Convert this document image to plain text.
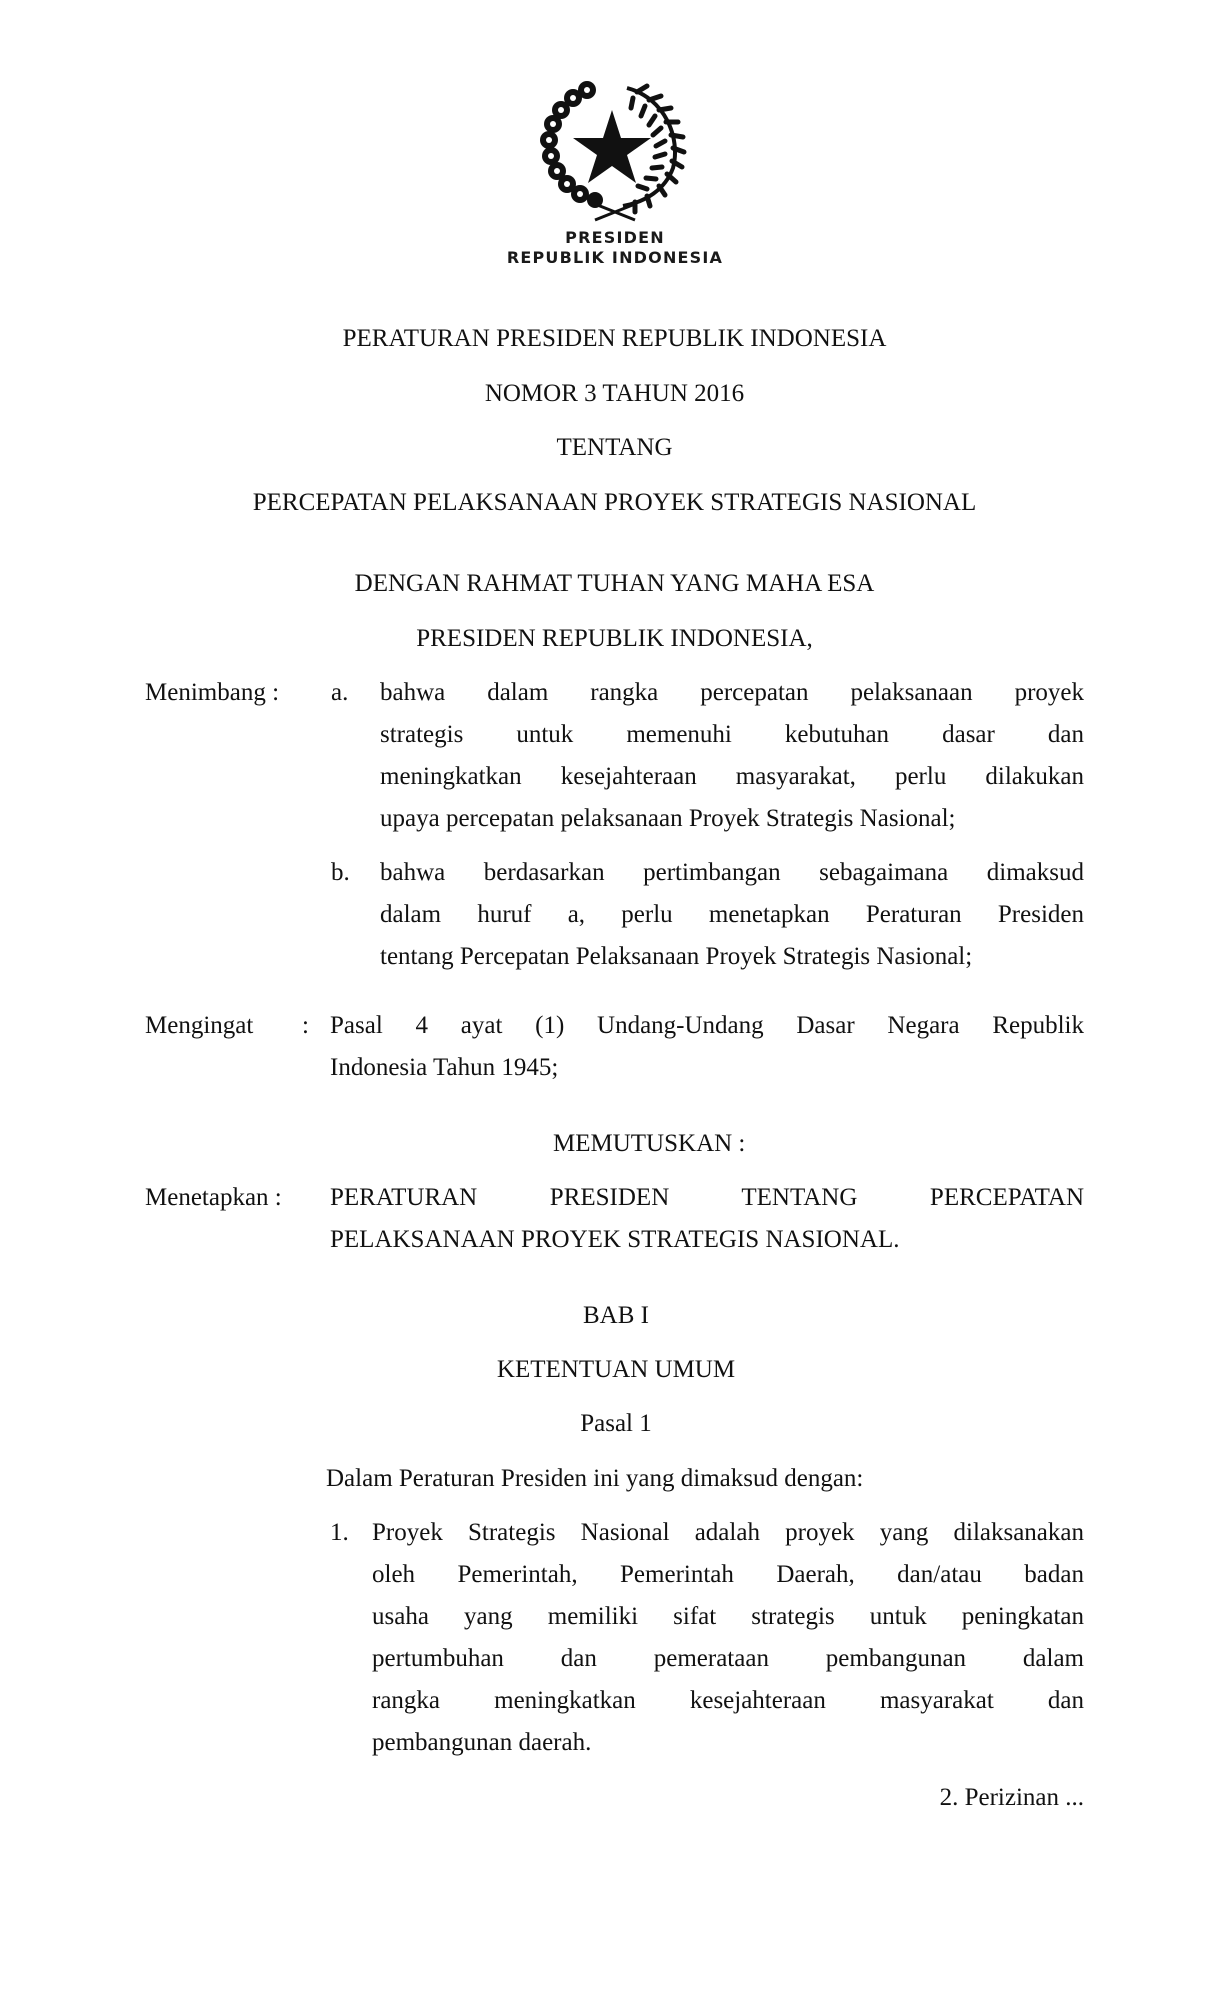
PRESIDEN
REPUBLIK INDONESIA
PERATURAN PRESIDEN REPUBLIK INDONESIA
NOMOR 3 TAHUN 2016
TENTANG
PERCEPATAN PELAKSANAAN PROYEK STRATEGIS NASIONAL
DENGAN RAHMAT TUHAN YANG MAHA ESA
PRESIDEN REPUBLIK INDONESIA,
Menimbang : a. bahwa dalam rangka percepatan pelaksanaan proyek
strategis untuk memenuhi kebutuhan dasar dan
meningkatkan kesejahteraan masyarakat, perlu dilakukan
upaya percepatan pelaksanaan Proyek Strategis Nasional;
b. bahwa berdasarkan pertimbangan sebagaimana dimaksud
dalam huruf a, perlu menetapkan Peraturan Presiden
tentang Percepatan Pelaksanaan Proyek Strategis Nasional;
Mengingat : Pasal 4 ayat (1) Undang-Undang Dasar Negara Republik
Indonesia Tahun 1945;
MEMUTUSKAN :
Menetapkan : PERATURAN PRESIDEN TENTANG PERCEPATAN
PELAKSANAAN PROYEK STRATEGIS NASIONAL.
BAB I
KETENTUAN UMUM
Pasal 1
Dalam Peraturan Presiden ini yang dimaksud dengan:
1. Proyek Strategis Nasional adalah proyek yang dilaksanakan
oleh Pemerintah, Pemerintah Daerah, dan/atau badan
usaha yang memiliki sifat strategis untuk peningkatan
pertumbuhan dan pemerataan pembangunan dalam
rangka meningkatkan kesejahteraan masyarakat dan
pembangunan daerah.
2. Perizinan ...
